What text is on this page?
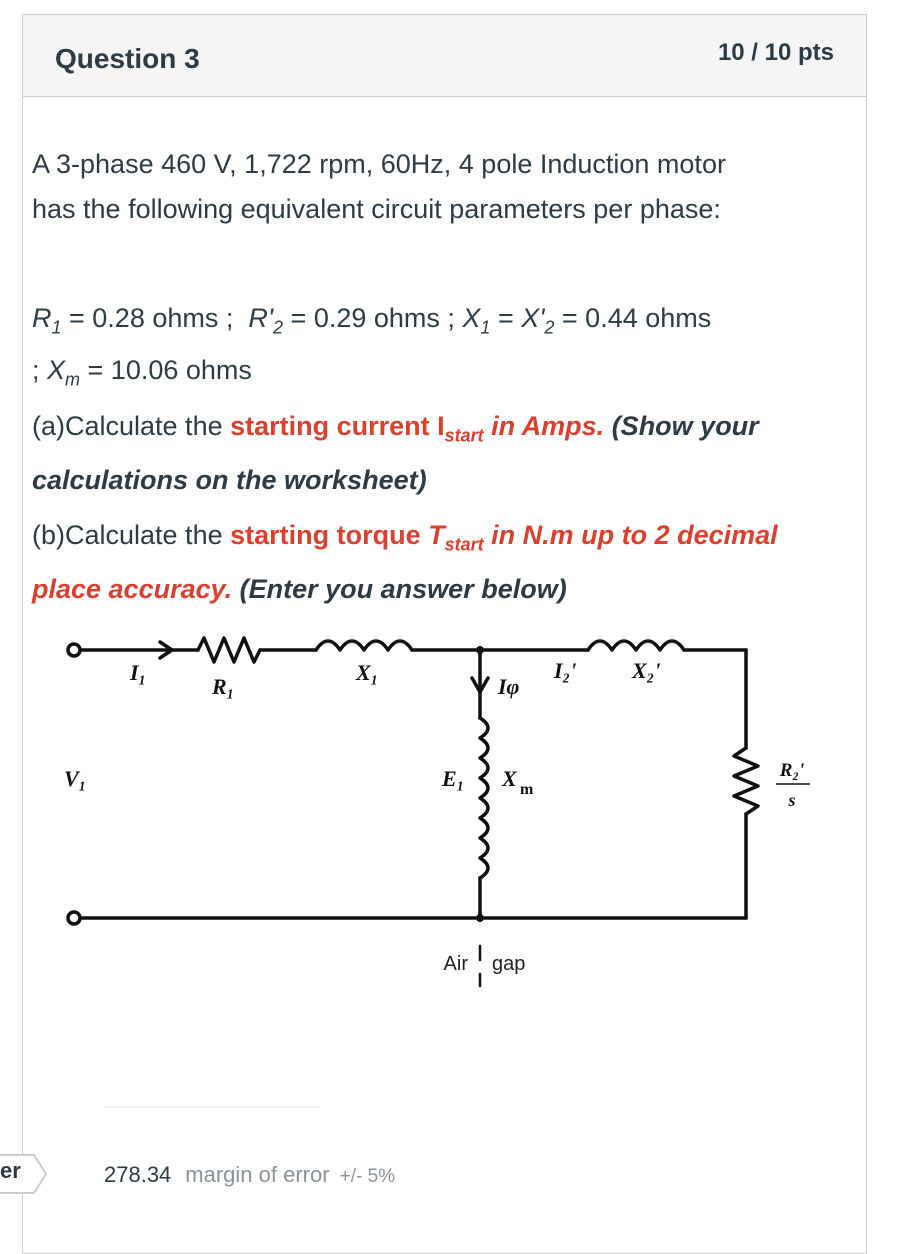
Question 3	10 / 10 pts
A 3-phase 460 V, 1,722 rpm, 60Hz, 4 pole Induction motor
has the following equivalent circuit parameters per phase:
$R_1 = 0.28$ ohms ;  $R'_2 = 0.29$ ohms ; $X_1 = X'_2 = 0.44$ ohms
; $X_m = 10.06$ ohms
(a)Calculate the starting current $I_{start}$ in Amps. (Show your calculations on the worksheet)
(b)Calculate the starting torque $T_{start}$ in N.m up to 2 decimal place accuracy. (Enter you answer below)
I₁
R₁
X₁
Iφ
I₂'	X₂'
V₁	E₁ X m
R₂'
s
Air gap
er	278.34 margin of error +/- 5%
